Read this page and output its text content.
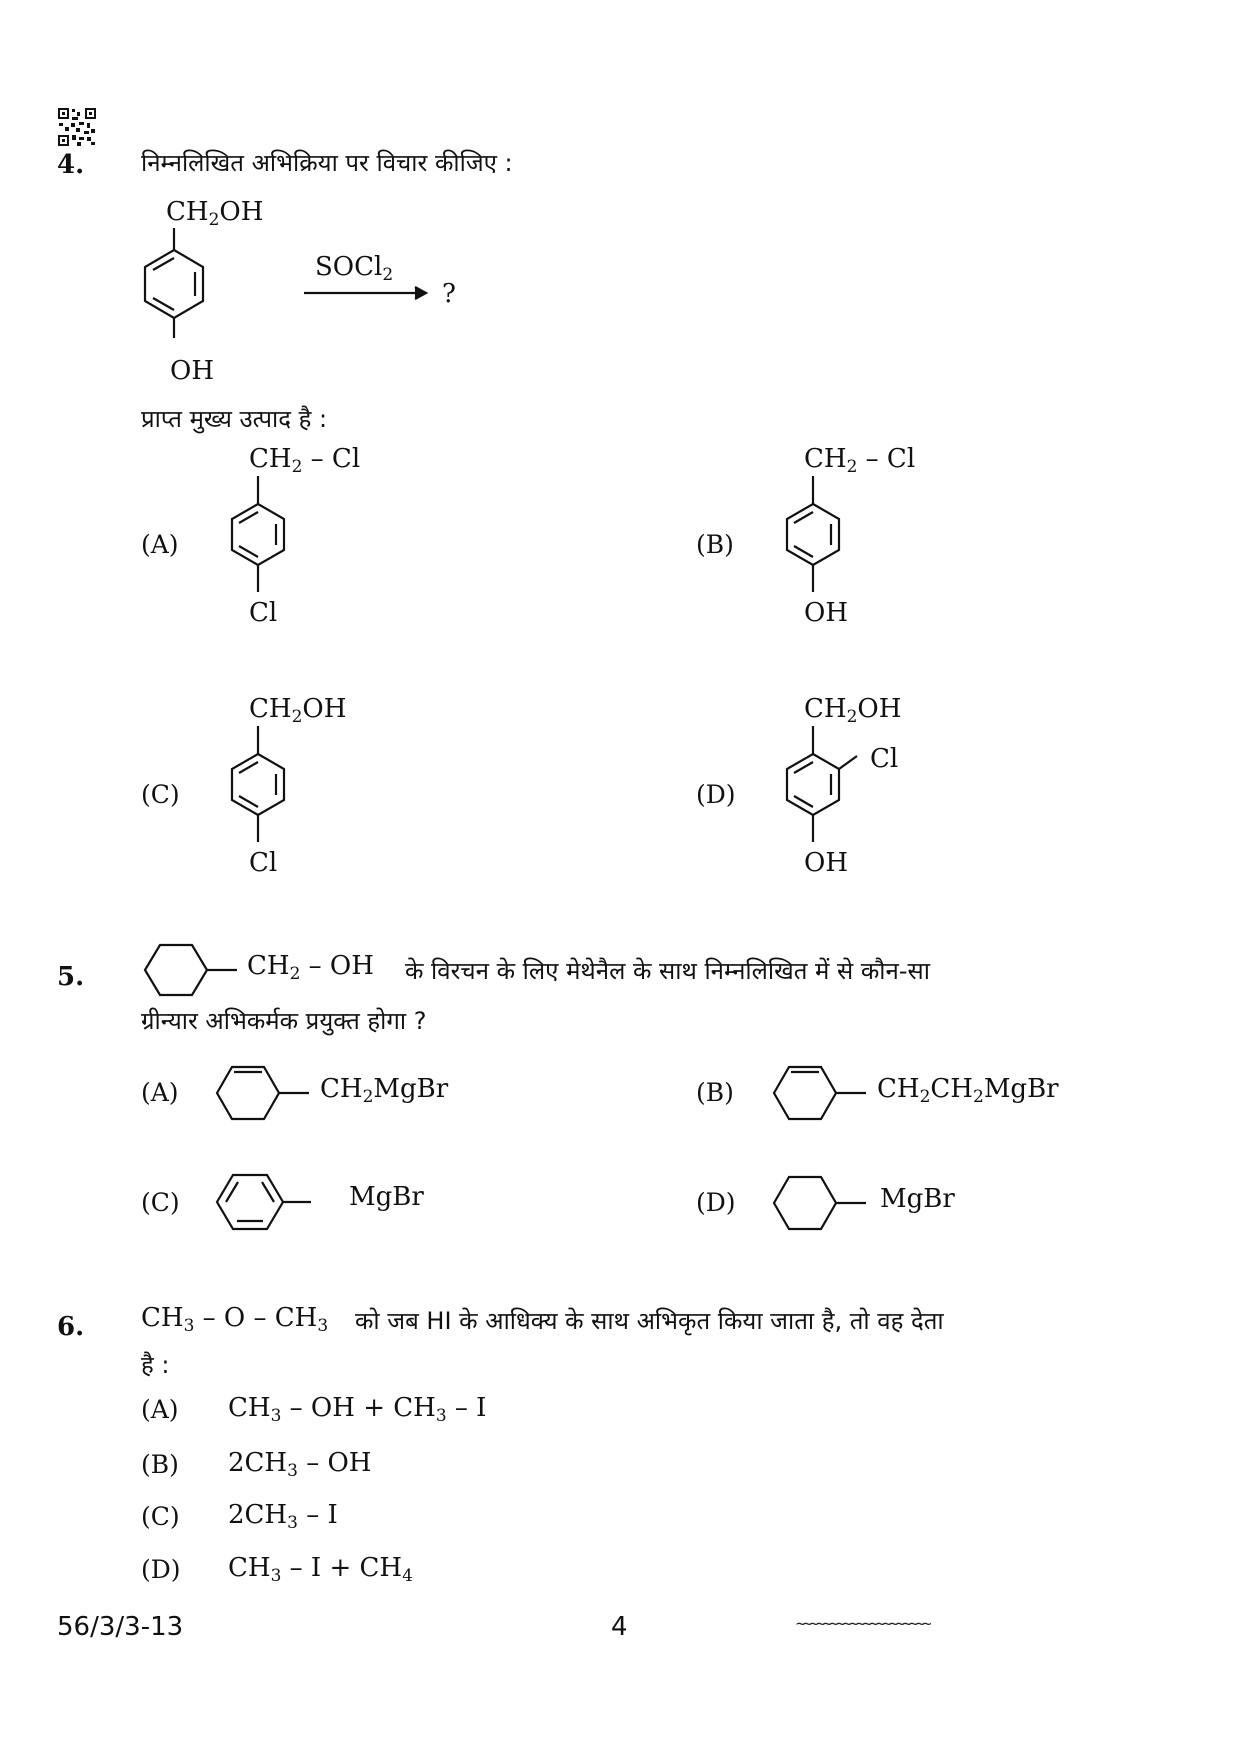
4. निम्नलिखित अभिक्रिया पर विचार कीजिए :
$CH_2OH$
OH
SOCl$_2$
?
प्राप्त मुख्य उत्पाद है :
(A)
$CH_2$ – Cl
Cl
(B)
$CH_2$ – Cl
OH
(C)
$CH_2OH$
Cl
(D)
$CH_2OH$
Cl
OH
5.	$CH_2$ – OH के विरचन के लिए मेथेनैल के साथ निम्नलिखित में से कौन-सा
ग्रीन्यार अभिकर्मक प्रयुक्त होगा ?
(A)	$CH_2MgBr$	(B)	$CH_2CH_2MgBr$
(C)	MgBr	(D)	MgBr
6. $CH_3$ – O – $CH_3$ को जब HI के आधिक्य के साथ अभिकृत किया जाता है, तो वह देता
है :
(A) $CH_3$ – OH + $CH_3$ – I
(B) $2CH_3$ – OH
(C) $2CH_3$ – I
(D) $CH_3 - I + CH_4$
56/3/3-13	4	~~~~~~~~~~~~~~~~~~~~
